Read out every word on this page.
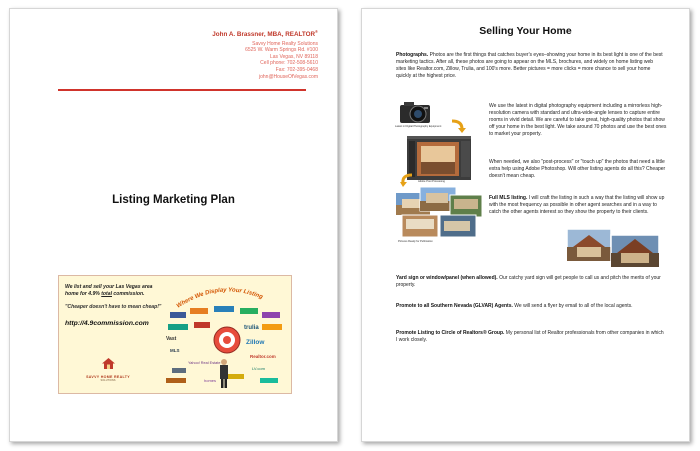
John A. Brassner, MBA, REALTOR®
Savvy Home Realty Solutions
6525 W. Warm Springs Rd. #100
Las Vegas, NV 89118
Cell phone: 702-508-5610
Fax: 702-395-0468
john@HouseOfVegas.com
Listing Marketing Plan
We list and sell your Las Vegas area
home for 4.9% total commission.
"Cheaper doesn't have to mean cheap!"
http://4.9commission.com
SAVVY HOME REALTY
SOLUTIONS
Where We Display Your Listing
trulia
Zillow
Vast
Realtor.com
MLS
Yahoo! Real Estate
LV.com
homes
Selling Your Home
Photographs. Photos are the first things that catches buyer's eyes–showing your home in its best light is one of the best marketing tactics. After all, these photos are going to appear on the MLS, brochures, and widely on home listing web sites like Realtor.com, Zillow, Trulia, and 100's more. Better pictures = more clicks = more chance to sell your home quickly at the highest price.
Latest in Digital Photography Equipment
Adobe Post Processing
Pictures Ready for Publication
We use the latest in digital photography equipment including a mirrorless high-resolution camera with standard and ultra-wide-angle lenses to capture entire rooms in vivid detail. We are careful to take great, high-quality photos that show off your home in the best light. We take around 70 photos and use the best ones to market your property.
When needed, we also "post-process" or "touch up" the photos that need a little extra help using Adobe Photoshop. Will other listing agents do all this? Cheaper doesn't mean cheap.
Full MLS listing. I will craft the listing in such a way that the listing will show up with the most frequency as possible in other agent searches and in a way to catch the other agents interest so they show the property to their clients.
Yard sign or window/panel (when allowed). Our catchy yard sign will get people to call us and pitch the merits of your property.
Promote to all Southern Nevada (GLVAR) Agents. We will send a flyer by email to all of the local agents.
Promote Listing to Circle of Realtors® Group. My personal list of Realtor professionals from other companies in which I work closely.
